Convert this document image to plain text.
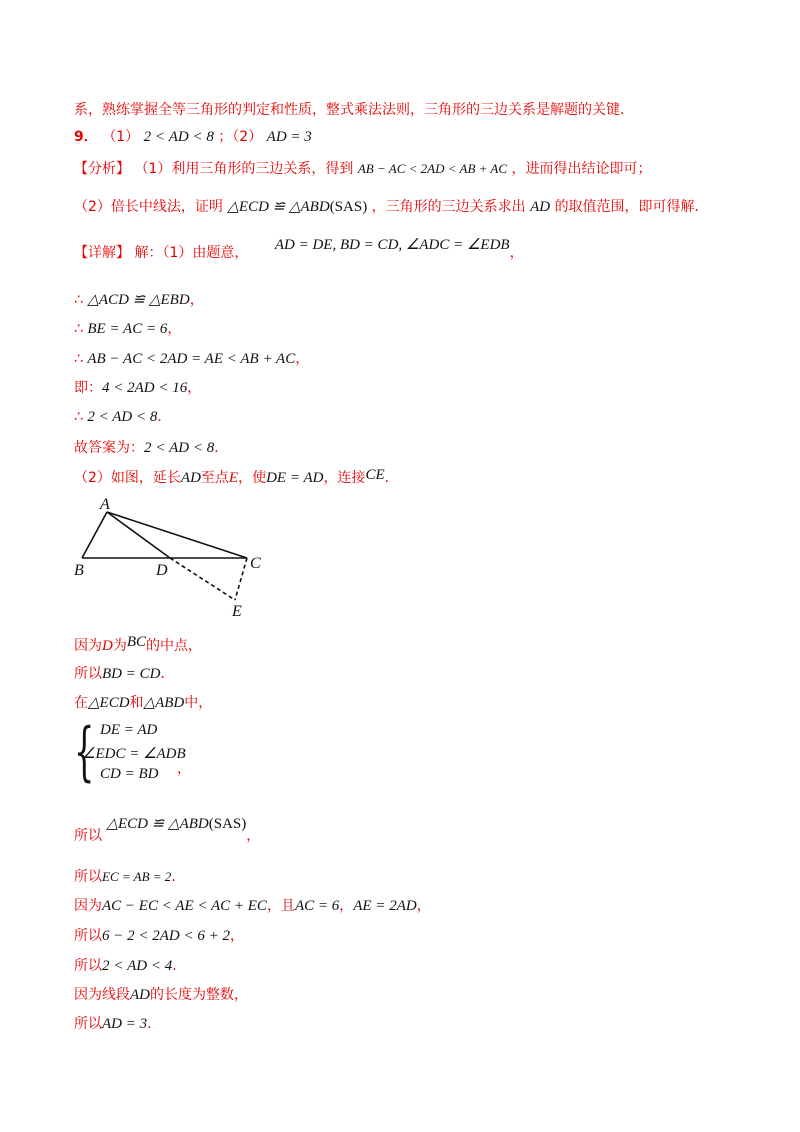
系，熟练掌握全等三角形的判定和性质，整式乘法法则，三角形的三边关系是解题的关键．
9． （1） 2 < AD < 8 ；（2） AD = 3
【分析】 （1）利用三角形的三边关系，得到 AB − AC < 2AD < AB + AC ，进而得出结论即可；
（2）倍长中线法，证明 △ECD ≌ △ABD(SAS) ，三角形的三边关系求出 AD 的取值范围，即可得解．
【详解】 解：（1）由题意， AD = DE, BD = CD, ∠ADC = ∠EDB，
∴ △ACD ≌ △EBD，
∴ BE = AC = 6，
∴ AB − AC < 2AD = AE < AB + AC，
即：4 < 2AD < 16，
∴ 2 < AD < 8．
故答案为：2 < AD < 8．
（2）如图，延长AD至点E，使DE = AD，连接CE．
A
B	C
D
E
因为D为BC的中点，
所以BD = CD．
在△ECD和△ABD中，
{ DE = AD
∠EDC = ∠ADB
CD = BD ，
所以 △ECD ≌ △ABD(SAS)，
所以EC = AB = 2．
因为AC − EC < AE < AC + EC，且AC = 6，AE = 2AD，
所以6 − 2 < 2AD < 6 + 2，
所以2 < AD < 4．
因为线段AD的长度为整数，
所以AD = 3．
